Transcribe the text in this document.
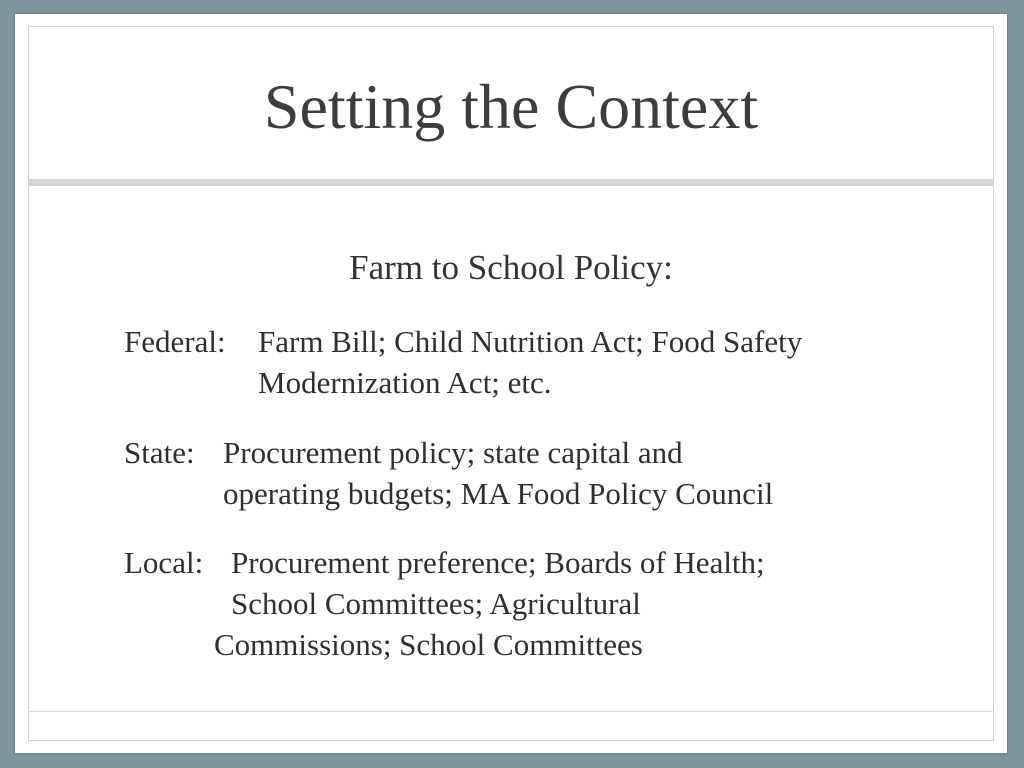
Setting the Context
Farm to School Policy:
Federal: Farm Bill; Child Nutrition Act; Food Safety
Modernization Act; etc.
State: Procurement policy; state capital and
operating budgets; MA Food Policy Council
Local: Procurement preference; Boards of Health;
School Committees; Agricultural
Commissions; School Committees
